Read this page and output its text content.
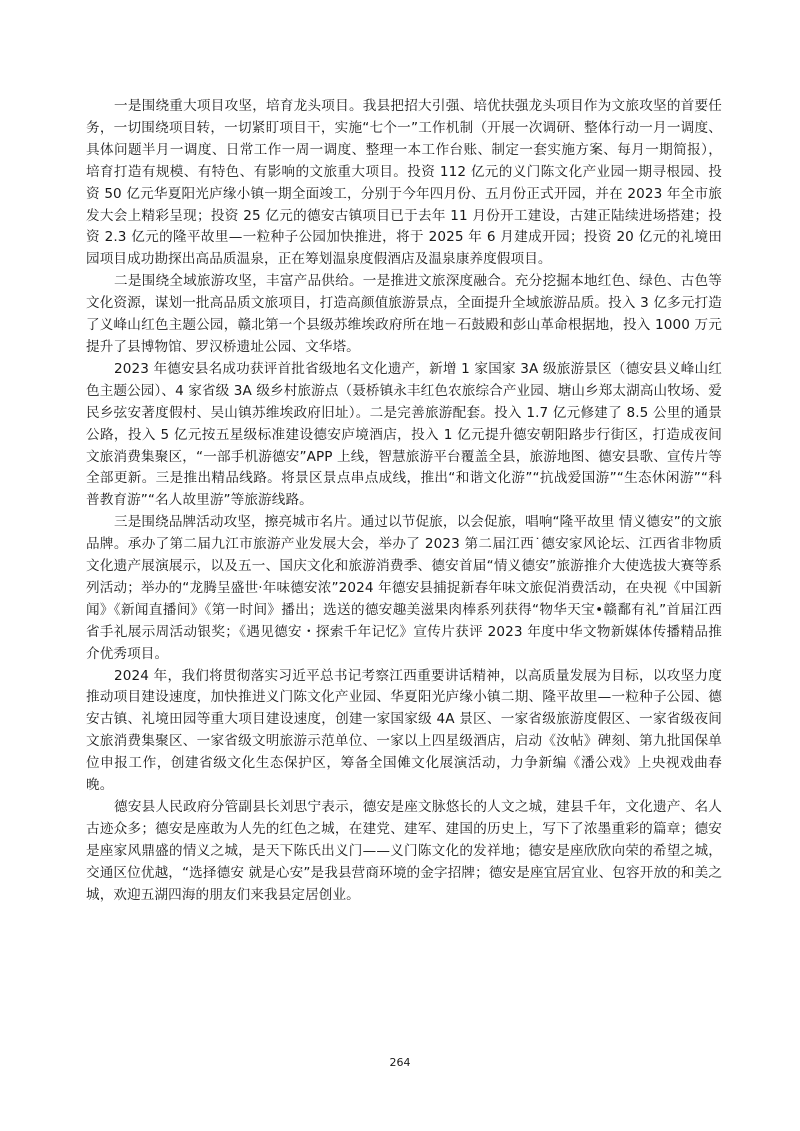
一是围绕重大项目攻坚，培育龙头项目。我县把招大引强、培优扶强龙头项目作为文旅攻坚的首要任务，一切围绕项目转，一切紧盯项目干，实施“七个一”工作机制（开展一次调研、整体行动一月一调度、具体问题半月一调度、日常工作一周一调度、整理一本工作台账、制定一套实施方案、每月一期简报），培育打造有规模、有特色、有影响的文旅重大项目。投资 112 亿元的义门陈文化产业园一期寻根园、投资 50 亿元华夏阳光庐缘小镇一期全面竣工，分别于今年四月份、五月份正式开园，并在 2023 年全市旅发大会上精彩呈现；投资 25 亿元的德安古镇项目已于去年 11 月份开工建设，古建正陆续进场搭建；投资 2.3 亿元的隆平故里—一粒种子公园加快推进，将于 2025 年 6 月建成开园；投资 20 亿元的礼境田园项目成功勘探出高品质温泉，正在筹划温泉度假酒店及温泉康养度假项目。

二是围绕全域旅游攻坚，丰富产品供给。一是推进文旅深度融合。充分挖掘本地红色、绿色、古色等文化资源，谋划一批高品质文旅项目，打造高颜值旅游景点，全面提升全域旅游品质。投入 3 亿多元打造了义峰山红色主题公园，赣北第一个县级苏维埃政府所在地－石鼓殿和彭山革命根据地，投入 1000 万元提升了县博物馆、罗汉桥遗址公园、文华塔。

2023 年德安县名成功获评首批省级地名文化遗产，新增 1 家国家 3A 级旅游景区（德安县义峰山红色主题公园）、4 家省级 3A 级乡村旅游点（聂桥镇永丰红色农旅综合产业园、塘山乡郑太湖高山牧场、爱民乡弦安著度假村、吴山镇苏维埃政府旧址）。二是完善旅游配套。投入 1.7 亿元修建了 8.5 公里的通景公路，投入 5 亿元按五星级标准建设德安庐境酒店，投入 1 亿元提升德安朝阳路步行街区，打造成夜间文旅消费集聚区，“一部手机游德安”APP 上线，智慧旅游平台覆盖全县，旅游地图、德安县歌、宣传片等全部更新。三是推出精品线路。将景区景点串点成线，推出“和谐文化游”“抗战爱国游”“生态休闲游”“科普教育游”“名人故里游”等旅游线路。

三是围绕品牌活动攻坚，擦亮城市名片。通过以节促旅，以会促旅，唱响“隆平故里 情义德安”的文旅品牌。承办了第二届九江市旅游产业发展大会，举办了 2023 第二届江西˙德安家风论坛、江西省非物质文化遗产展演展示，以及五一、国庆文化和旅游消费季、德安首届“情义德安”旅游推介大使选拔大赛等系列活动；举办的“龙腾呈盛世·年味德安浓”2024 年德安县捕捉新春年味文旅促消费活动，在央视《中国新闻》《新闻直播间》《第一时间》播出；选送的德安趣美滋果肉棒系列获得“物华天宝•赣鄱有礼”首届江西省手礼展示周活动银奖；《遇见德安・探索千年记忆》宣传片获评 2023 年度中华文物新媒体传播精品推介优秀项目。

2024 年，我们将贯彻落实习近平总书记考察江西重要讲话精神，以高质量发展为目标，以攻坚力度推动项目建设速度，加快推进义门陈文化产业园、华夏阳光庐缘小镇二期、隆平故里—一粒种子公园、德安古镇、礼境田园等重大项目建设速度，创建一家国家级 4A 景区、一家省级旅游度假区、一家省级夜间文旅消费集聚区、一家省级文明旅游示范单位、一家以上四星级酒店，启动《汝帖》碑刻、第九批国保单位申报工作，创建省级文化生态保护区，筹备全国傩文化展演活动，力争新编《潘公戏》上央视戏曲春晚。

德安县人民政府分管副县长刘思宁表示，德安是座文脉悠长的人文之城，建县千年，文化遗产、名人古迹众多；德安是座敢为人先的红色之城，在建党、建军、建国的历史上，写下了浓墨重彩的篇章；德安是座家风鼎盛的情义之城，是天下陈氏出义门——义门陈文化的发祥地；德安是座欣欣向荣的希望之城，交通区位优越，“选择德安 就是心安”是我县营商环境的金字招牌；德安是座宜居宜业、包容开放的和美之城，欢迎五湖四海的朋友们来我县定居创业。

264
